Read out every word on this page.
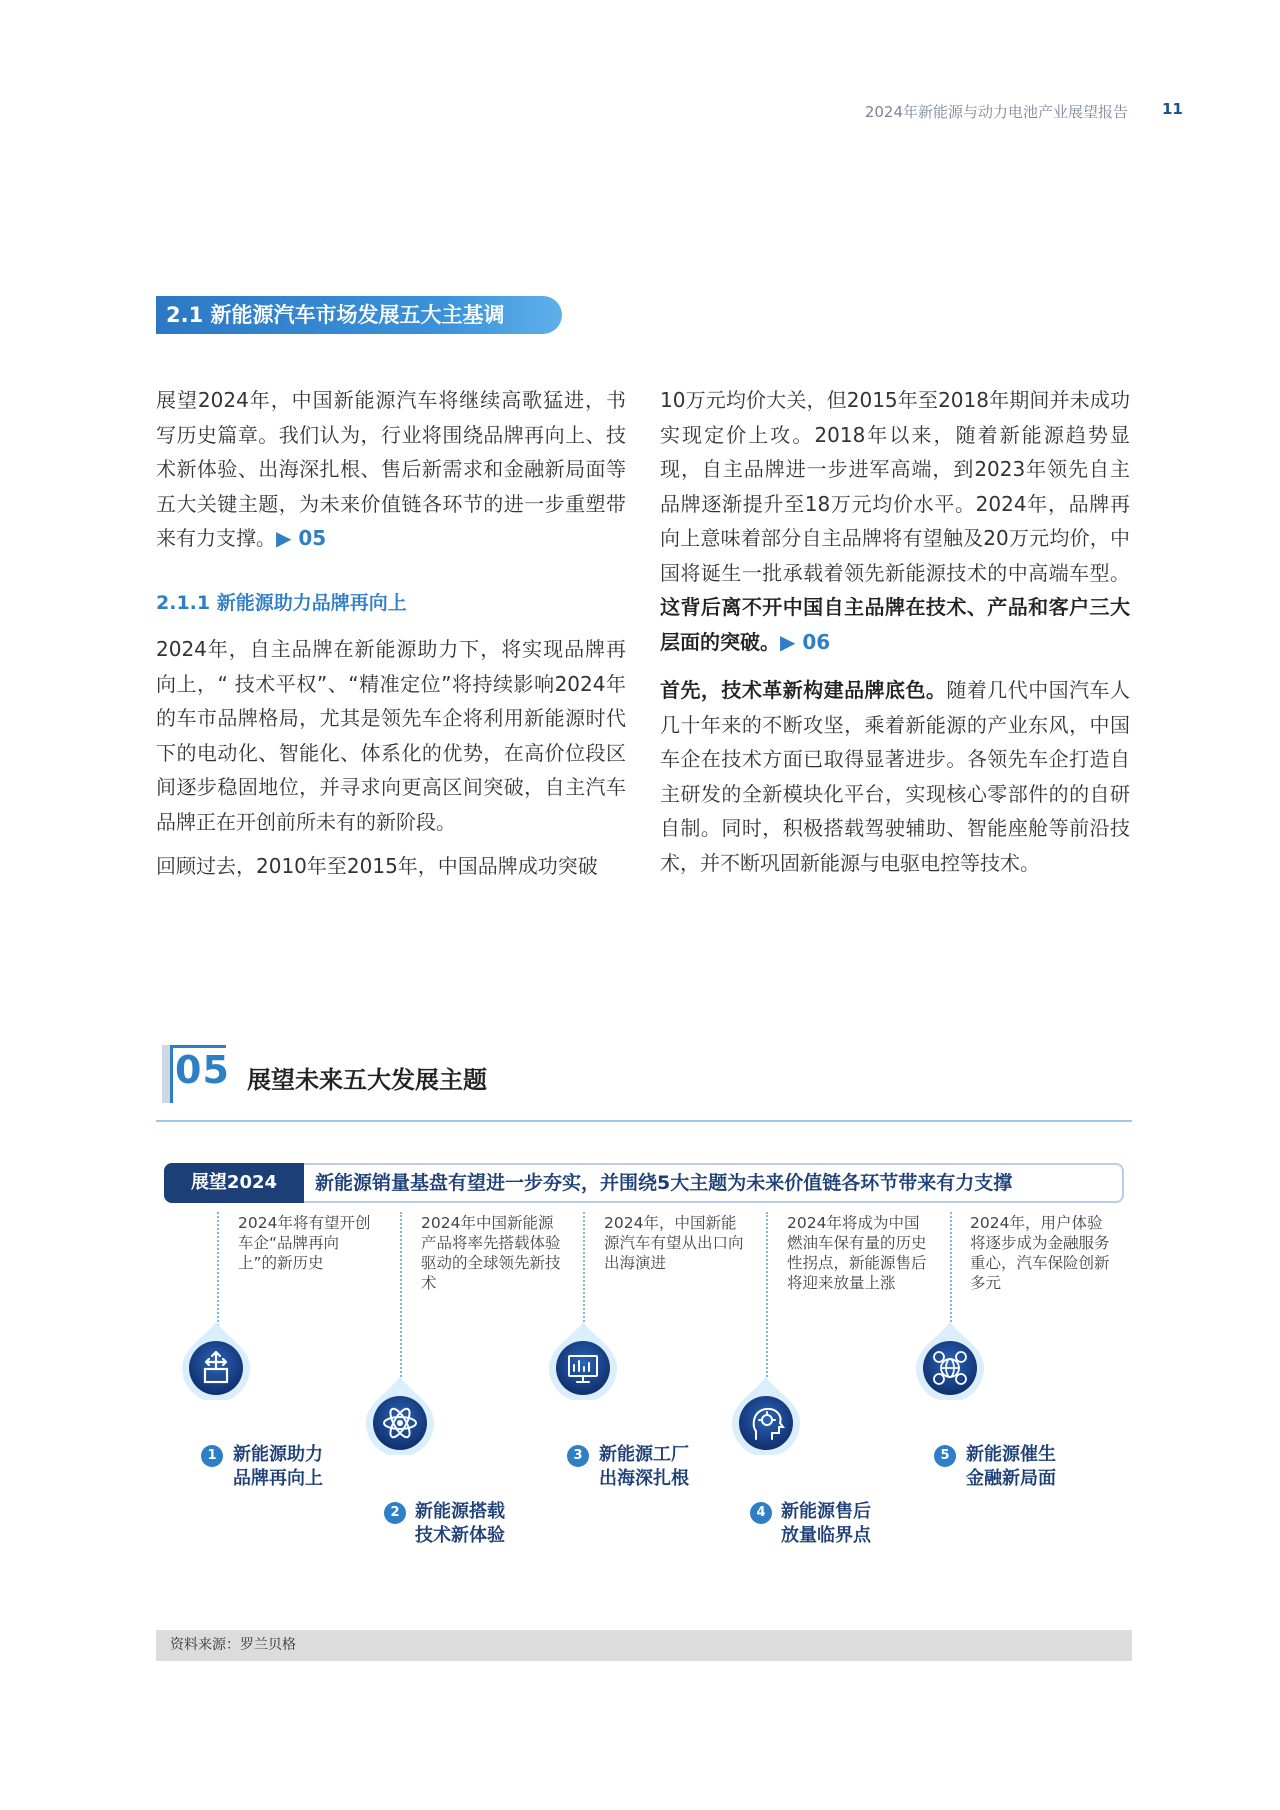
2024年新能源与动力电池产业展望报告 11
2.1 新能源汽车市场发展五大主基调

展望2024年，中国新能源汽车将继续高歌猛进，书写历史篇章。我们认为，行业将围绕品牌再向上、技术新体验、出海深扎根、售后新需求和金融新局面等五大关键主题，为未来价值链各环节的进一步重塑带来有力支撑。▶ 05

2.1.1 新能源助力品牌再向上

2024年，自主品牌在新能源助力下，将实现品牌再向上，“ 技术平权”、“精准定位”将持续影响2024年的车市品牌格局，尤其是领先车企将利用新能源时代下的电动化、智能化、体系化的优势，在高价位段区间逐步稳固地位，并寻求向更高区间突破，自主汽车品牌正在开创前所未有的新阶段。

回顾过去，2010年至2015年，中国品牌成功突破

10万元均价大关，但2015年至2018年期间并未成功实现定价上攻。2018年以来，随着新能源趋势显现，自主品牌进一步进军高端，到2023年领先自主品牌逐渐提升至18万元均价水平。2024年，品牌再向上意味着部分自主品牌将有望触及20万元均价，中国将诞生一批承载着领先新能源技术的中高端车型。这背后离不开中国自主品牌在技术、产品和客户三大层面的突破。▶ 06

首先，技术革新构建品牌底色。随着几代中国汽车人几十年来的不断攻坚，乘着新能源的产业东风，中国车企在技术方面已取得显著进步。各领先车企打造自主研发的全新模块化平台，实现核心零部件的的自研自制。同时，积极搭载驾驶辅助、智能座舱等前沿技术，并不断巩固新能源与电驱电控等技术。

05 展望未来五大发展主题
展望2024	新能源销量基盘有望进一步夯实，并围绕5大主题为未来价值链各环节带来有力支撑
2024年将有望开创车企“品牌再向上”的新历史
1 新能源助力
品牌再向上
2024年中国新能源产品将率先搭载体验驱动的全球领先新技术
2 新能源搭载
技术新体验
2024年，中国新能源汽车有望从出口向出海演进
3 新能源工厂
出海深扎根
2024年将成为中国燃油车保有量的历史性拐点，新能源售后将迎来放量上涨
4 新能源售后
放量临界点
2024年，用户体验将逐步成为金融服务重心，汽车保险创新多元
5 新能源催生
金融新局面
资料来源：罗兰贝格
